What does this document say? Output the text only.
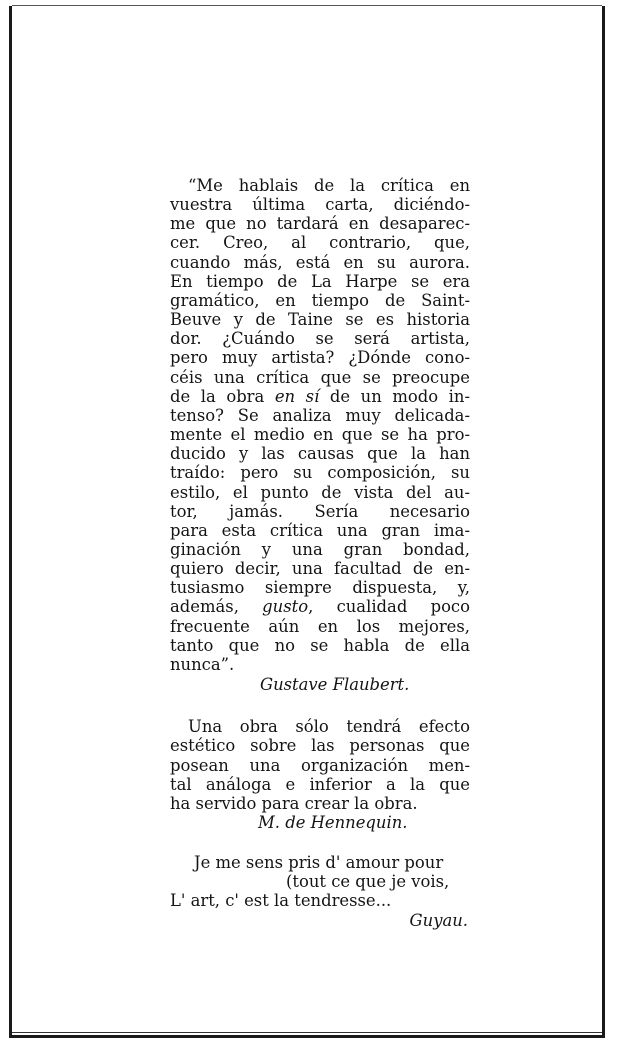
“Me hablais de la crítica en
vuestra última carta, diciéndo-
me que no tardará en desaparec-
cer. Creo, al contrario, que,
cuando más, está en su aurora.
En tiempo de La Harpe se era
gramático, en tiempo de Saint-
Beuve y de Taine se es historia
dor. ¿Cuándo se será artista,
pero muy artista? ¿Dónde cono-
céis una crítica que se preocupe
de la obra en sí de un modo in-
tenso? Se analiza muy delicada-
mente el medio en que se ha pro-
ducido y las causas que la han
traído: pero su composición, su
estilo, el punto de vista del au-
tor, jamás. Sería necesario
para esta crítica una gran ima-
ginación y una gran bondad,
quiero decir, una facultad de en-
tusiasmo siempre dispuesta, y,
además, gusto, cualidad poco
frecuente aún en los mejores,
tanto que no se habla de ella
nunca”.
Gustave Flaubert.
Una obra sólo tendrá efecto
estético sobre las personas que
posean una organización men-
tal análoga e inferior a la que
ha servido para crear la obra.
M. de Hennequin.
Je me sens pris d' amour pour
(tout ce que je vois,
L' art, c' est la tendresse...
Guyau.
